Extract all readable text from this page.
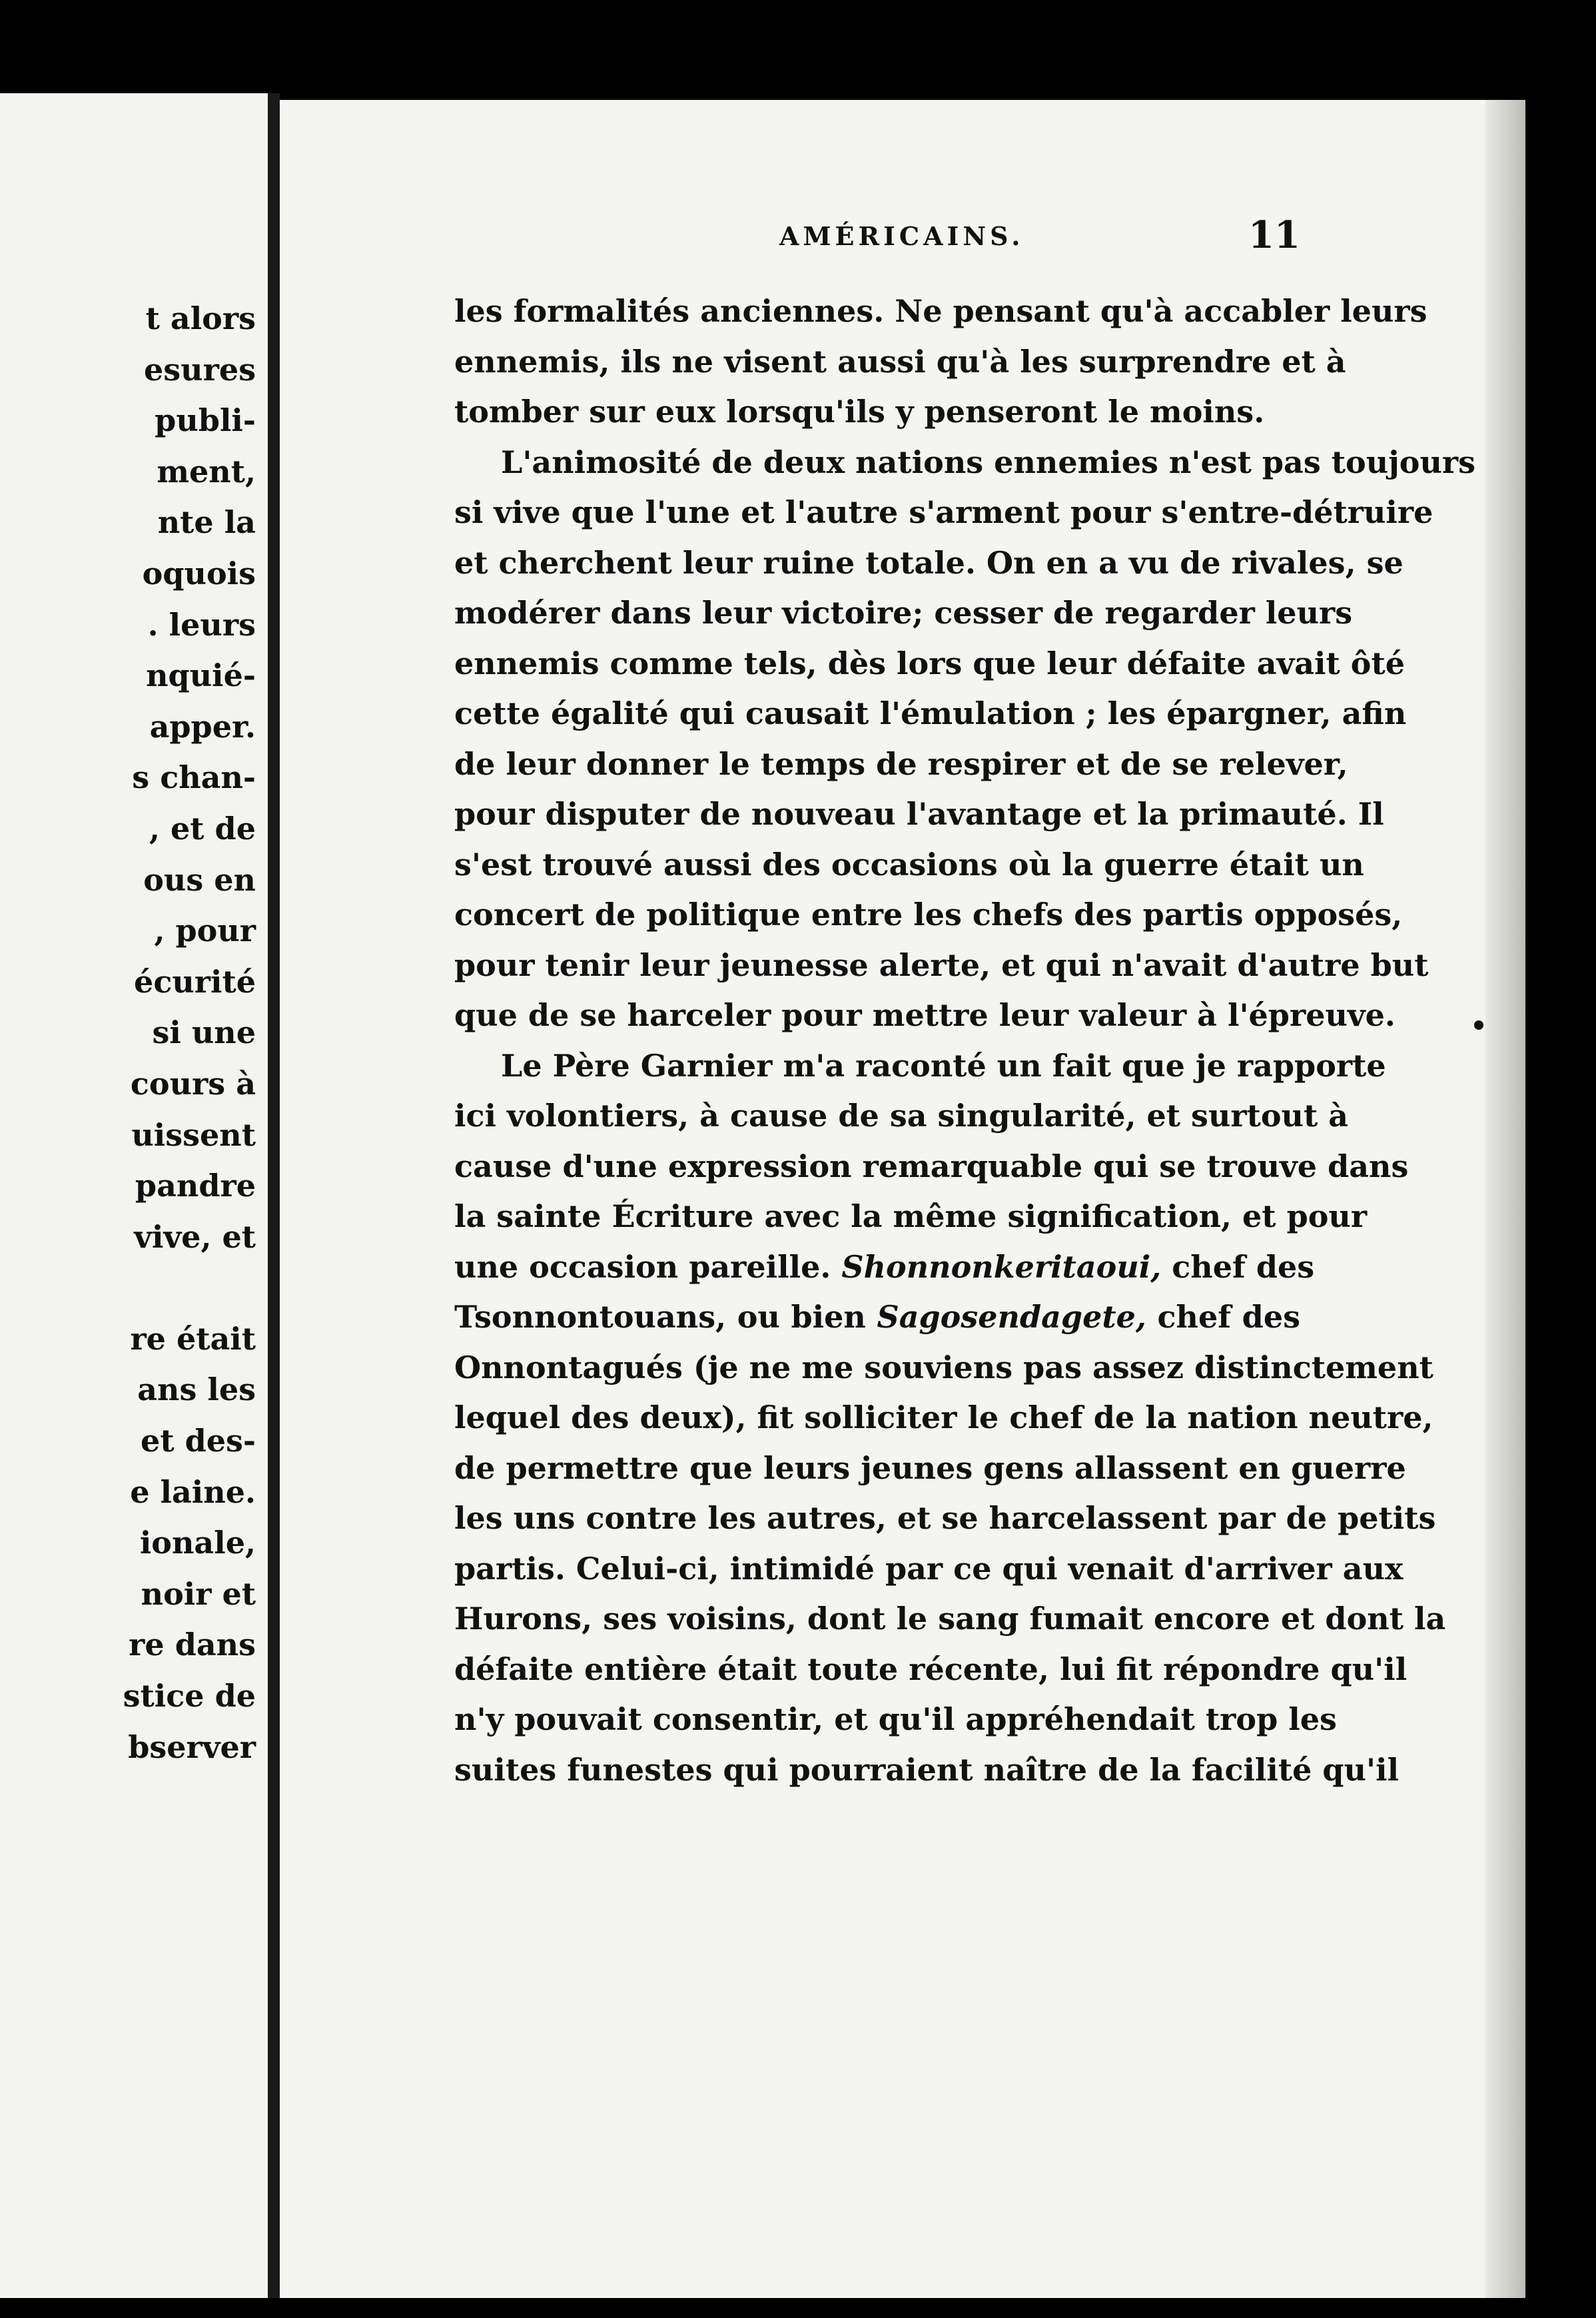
t alors
esures
publi-
ment,
nte la
oquois
. leurs
nquié-
apper.
s chan-
, et de
ous en
, pour
écurité
si une
cours à
uissent
pandre
vive, et
re était
ans les
et des-
e laine.
ionale,
noir et
re dans
stice de
bserver
AMÉRICAINS.	11
les formalités anciennes. Ne pensant qu'à accabler leurs
ennemis, ils ne visent aussi qu'à les surprendre et à
tomber sur eux lorsqu'ils y penseront le moins.
L'animosité de deux nations ennemies n'est pas toujours
si vive que l'une et l'autre s'arment pour s'entre-détruire
et cherchent leur ruine totale. On en a vu de rivales, se
modérer dans leur victoire; cesser de regarder leurs
ennemis comme tels, dès lors que leur défaite avait ôté
cette égalité qui causait l'émulation ; les épargner, afin
de leur donner le temps de respirer et de se relever,
pour disputer de nouveau l'avantage et la primauté. Il
s'est trouvé aussi des occasions où la guerre était un
concert de politique entre les chefs des partis opposés,
pour tenir leur jeunesse alerte, et qui n'avait d'autre but
que de se harceler pour mettre leur valeur à l'épreuve.
Le Père Garnier m'a raconté un fait que je rapporte
ici volontiers, à cause de sa singularité, et surtout à
cause d'une expression remarquable qui se trouve dans
la sainte Écriture avec la même signification, et pour
une occasion pareille. Shonnonkeritaoui, chef des
Tsonnontouans, ou bien Sagosendagete, chef des
Onnontagués (je ne me souviens pas assez distinctement
lequel des deux), fit solliciter le chef de la nation neutre,
de permettre que leurs jeunes gens allassent en guerre
les uns contre les autres, et se harcelassent par de petits
partis. Celui-ci, intimidé par ce qui venait d'arriver aux
Hurons, ses voisins, dont le sang fumait encore et dont la
défaite entière était toute récente, lui fit répondre qu'il
n'y pouvait consentir, et qu'il appréhendait trop les
suites funestes qui pourraient naître de la facilité qu'il
